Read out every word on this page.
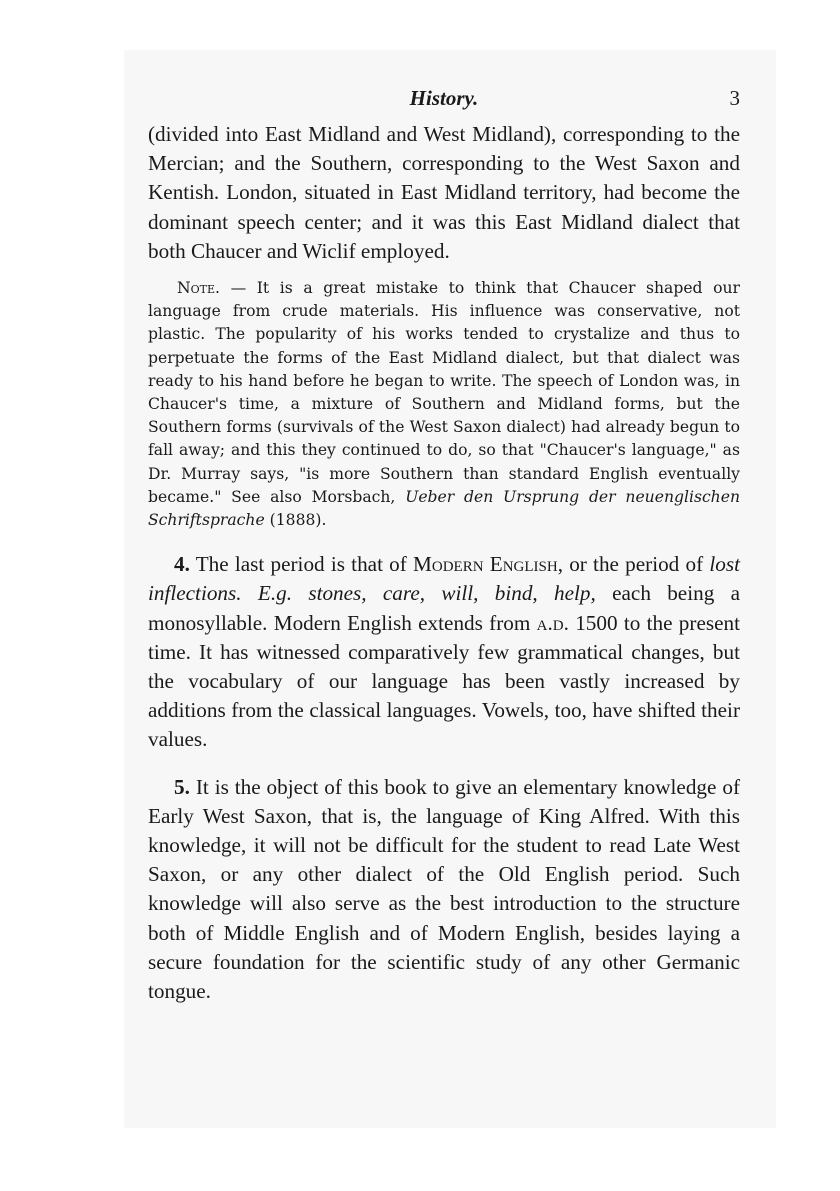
History.	3

(divided into East Midland and West Midland), corresponding to the Mercian; and the Southern, corresponding to the West Saxon and Kentish. London, situated in East Midland territory, had become the dominant speech center; and it was this East Midland dialect that both Chaucer and Wiclif employed.

Note. — It is a great mistake to think that Chaucer shaped our language from crude materials. His influence was conservative, not plastic. The popularity of his works tended to crystalize and thus to perpetuate the forms of the East Midland dialect, but that dialect was ready to his hand before he began to write. The speech of London was, in Chaucer's time, a mixture of Southern and Midland forms, but the Southern forms (survivals of the West Saxon dialect) had already begun to fall away; and this they continued to do, so that "Chaucer's language," as Dr. Murray says, "is more Southern than standard English eventually became." See also Morsbach, Ueber den Ursprung der neuenglischen Schriftsprache (1888).

4. The last period is that of Modern English, or the period of lost inflections. E.g. stones, care, will, bind, help, each being a monosyllable. Modern English extends from a.d. 1500 to the present time. It has witnessed comparatively few grammatical changes, but the vocabulary of our language has been vastly increased by additions from the classical languages. Vowels, too, have shifted their values.

5. It is the object of this book to give an elementary knowledge of Early West Saxon, that is, the language of King Alfred. With this knowledge, it will not be difficult for the student to read Late West Saxon, or any other dialect of the Old English period. Such knowledge will also serve as the best introduction to the structure both of Middle English and of Modern English, besides laying a secure foundation for the scientific study of any other Germanic tongue.
